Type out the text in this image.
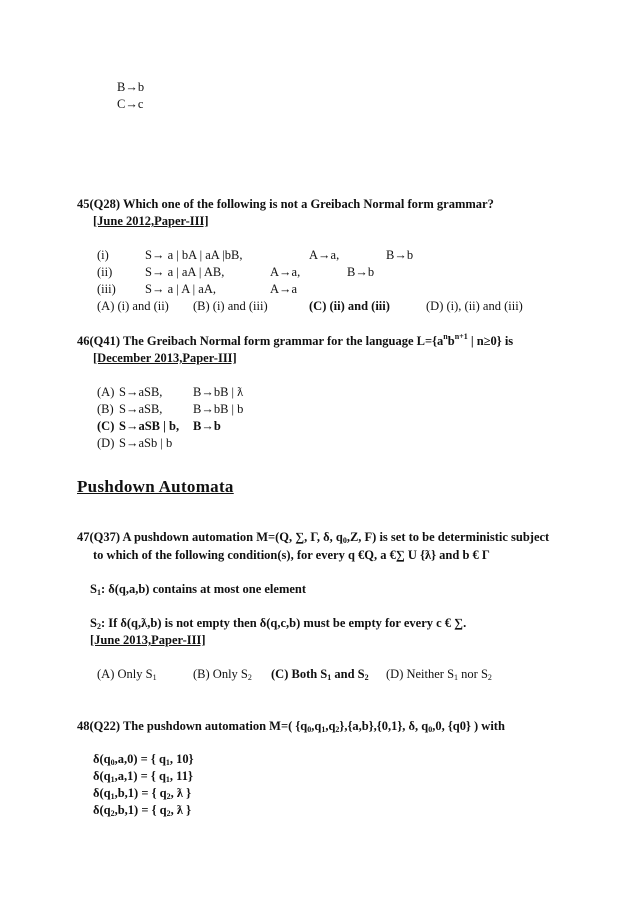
B→b
C→c
45(Q28) Which one of the following is not a Greibach Normal form grammar?
[June 2012,Paper-III]
(i)	S→ a | bA | aA |bB,	A→a,	B→b
(ii)	S→ a | aA | AB,	A→a,	B→b
(iii) S→ a | A | aA,	A→a
(A) (i) and (ii) (B) (i) and (iii)	(C) (ii) and (iii)	(D) (i), (ii) and (iii)
46(Q41) The Greibach Normal form grammar for the language $L=\{a^nb^{n+1}$ | n≥0} is
[December 2013,Paper-III]
(A) S→aSB, B→bB | ƛ
(B) S→aSB, B→bB | b
(C) S→aSB | b, B→b
(D) S→aSb | b
Pushdown Automata
47(Q37) A pushdown automation M=(Q, ∑, Γ, δ, $q_0,Z$, F) is set to be deterministic subject
to which of the following condition(s), for every q €Q, a €∑ U {ƛ} and b € Γ
$S_1$: δ(q,a,b) contains at most one element
$S_2$: If δ(q,ƛ,b) is not empty then δ(q,c,b) must be empty for every c € ∑.
[June 2013,Paper-III]
(A) Only $S_1$	(B) Only $S_2$ (C) Both $S_1$ and $S_2$ (D) Neither $S_1$ nor $S_2$
48(Q22) The pushdown automation M=( $\{q_0,q_1,q_2\},\{a,b\},\{0,1\}$, δ, $q_0,0$, {q0} ) with
$\delta(q_0,a,0)$ = { $q_1$, 10}
$\delta(q_1,a,1)$ = { $q_1$, 11}
$\delta(q_1,b,1)$ = { $q_2$, ƛ }
$\delta(q_2,b,1)$ = { $q_2$, ƛ }
